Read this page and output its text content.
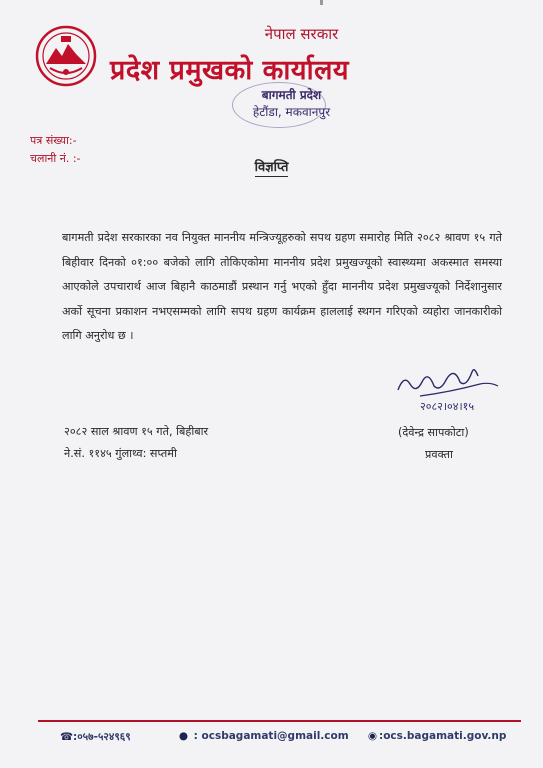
नेपाल सरकार
प्रदेश प्रमुखको कार्यालय
बागमती प्रदेश
हेटौंडा, मकवानपुर
पत्र संख्या:-
चलानी नं. :-
विज्ञप्ति
बागमती प्रदेश सरकारका नव नियुक्त माननीय मन्त्रिज्यूहरुको सपथ ग्रहण समारोह मिति २०८२ श्रावण १५ गते बिहीवार दिनको ०१:०० बजेको लागि तोकिएकोमा माननीय प्रदेश प्रमुखज्यूको स्वास्थ्यमा अकस्मात समस्या आएकोले उपचारार्थ आज बिहानै काठमाडौं प्रस्थान गर्नु भएको हुँदा माननीय प्रदेश प्रमुखज्यूको निर्देशानुसार अर्को सूचना प्रकाशन नभएसम्मको लागि सपथ ग्रहण कार्यक्रम हाललाई स्थगन गरिएको व्यहोरा जानकारीको लागि अनुरोध छ ।
२०८२।०४।१५
२०८२ साल श्रावण १५ गते, बिहीबार
ने.सं. ११४५ गुंलाथ्व: सप्तमी
(देवेन्द्र सापकोटा)
प्रवक्ता
☎:०५७-५२४९६९	● : ocsbagamati@gmail.com ◉ :ocs.bagamati.gov.np
